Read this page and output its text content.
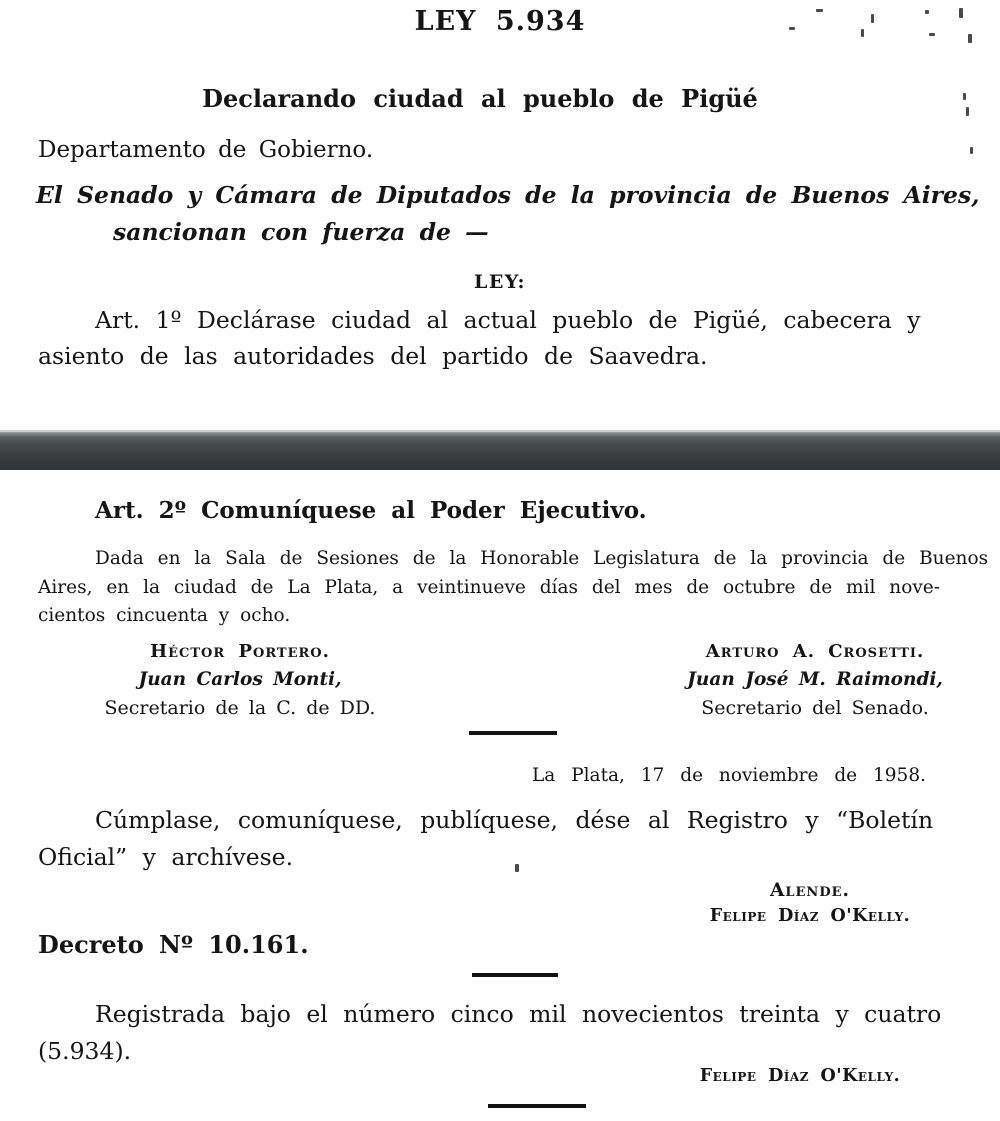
LEY 5.934
Declarando ciudad al pueblo de Pigüé
Departamento de Gobierno.
El Senado y Cámara de Diputados de la provincia de Buenos Aires,
sancionan con fuerza de —
LEY:
Art. 1º Declárase ciudad al actual pueblo de Pigüé, cabecera y
asiento de las autoridades del partido de Saavedra.
Art. 2º Comuníquese al Poder Ejecutivo.
Dada en la Sala de Sesiones de la Honorable Legislatura de la provincia de Buenos
Aires, en la ciudad de La Plata, a veintinueve días del mes de octubre de mil nove-
cientos cincuenta y ocho.
Héctor Portero.
Juan Carlos Monti,
Secretario de la C. de DD.
Arturo A. Crosetti.
Juan José M. Raimondi,
Secretario del Senado.
La Plata, 17 de noviembre de 1958.
Cúmplase, comuníquese, publíquese, dése al Registro y “Boletín
Oficial” y archívese.
Alende.
Felipe Díaz O'Kelly.
Decreto Nº 10.161.
Registrada bajo el número cinco mil novecientos treinta y cuatro
(5.934).
Felipe Díaz O'Kelly.
